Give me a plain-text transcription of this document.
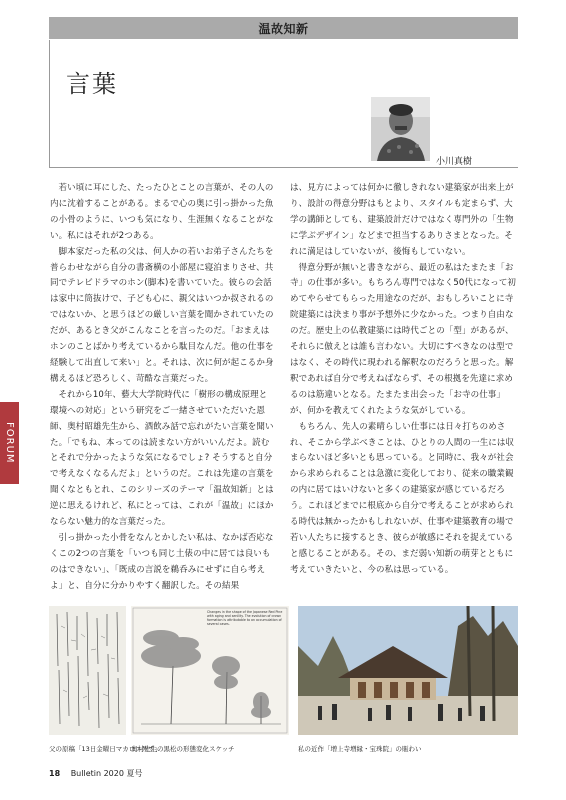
温故知新
言葉
小川真樹

若い頃に耳にした、たったひとことの言葉が、その人の内に沈着することがある。まるで心の奥に引っ掛かった魚の小骨のように、いつも気になり、生涯無くなることがない。私にはそれが2つある。

脚本家だった私の父は、何人かの若いお弟子さんたちを普らわせながら自分の書斎横の小部屋に寝泊まりさせ、共同でテレビドラマのホン(脚本)を書いていた。彼らの会話は家中に筒抜けで、子ども心に、親父はいつか叔されるのではないか、と思うほどの厳しい言葉を聞かされていたのだが、あるとき父がこんなことを言ったのだ。「おまえはホンのことばかり考えているから駄目なんだ。他の仕事を経験して出直して来い」と。それは、次に何が起こるか身構えるほど恐ろしく、苛酷な言葉だった。

それから10年、藝大大学院時代に「樹形の構成原理と環境への対応」という研究をご一緒させていただいた恩師、奥村昭雄先生から、酒飲み話で忘れがたい言葉を聞いた。「でもね、本ってのは読まない方がいいんだよ。読むとそれで分かったような気になるでしょ? そうすると自分で考えなくなるんだよ」というのだ。これは先達の言葉を聞くなともとれ、このシリーズのテーマ「温故知新」とは逆に思えるけれど、私にとっては、これが「温故」にほかならない魅力的な言葉だった。

引っ掛かった小骨をなんとかしたい私は、なかば否応なくこの2つの言葉を「いつも同じ土俵の中に居ては良いものはできない」、「既成の言説を鵜呑みにせずに自ら考えよ」と、自分に分かりやすく翻訳した。その結果

は、見方によっては何かに徹しきれない建築家が出来上がり、設計の得意分野はもとより、スタイルも定まらず、大学の講師としても、建築設計だけではなく専門外の「生物に学ぶデザイン」などまで担当するありさまとなった。それに満足はしていないが、後悔もしていない。

得意分野が無いと書きながら、最近の私はたまたま「お寺」の仕事が多い。もちろん専門ではなく50代になって初めてやらせてもらった用途なのだが、おもしろいことに寺院建築には決まり事が予想外に少なかった。つまり自由なのだ。歴史上の仏教建築には時代ごとの「型」があるが、それらに倣えとは誰も言わない。大切にすべきなのは型ではなく、その時代に現われる解釈なのだろうと思った。解釈であれば自分で考えねばならず、その根拠を先達に求めるのは筋違いとなる。たまたま出会った「お寺の仕事」が、何かを教えてくれたような気がしている。

もちろん、先人の素晴らしい仕事には日々打ちのめされ、そこから学ぶべきことは、ひとりの人間の一生には収まらないほど多いとも思っている。と同時に、我々が社会から求められることは急激に変化しており、従来の職業観の内に居てはいけないと多くの建築家が感じているだろう。これほどまでに根底から自分で考えることが求められる時代は無かったかもしれないが、仕事や建築教育の場で若い人たちに接するとき、彼らが敏感にそれを捉えていると感じることがある。その、まだ弱い知新の萌芽とともに考えていきたいと、今の私は思っている。

FORUM
父の原稿「13日金曜日マカロニ死す」
Changes in the shape of the Japanese Red Pine with aging and senility. The evolution of crown formation is attributable to an accumulation of several cases.
奥村先生の黒松の形態変化スケッチ	私の近作「増上寺増縁・宝珠院」の賑わい
18 Bulletin 2020 夏号
